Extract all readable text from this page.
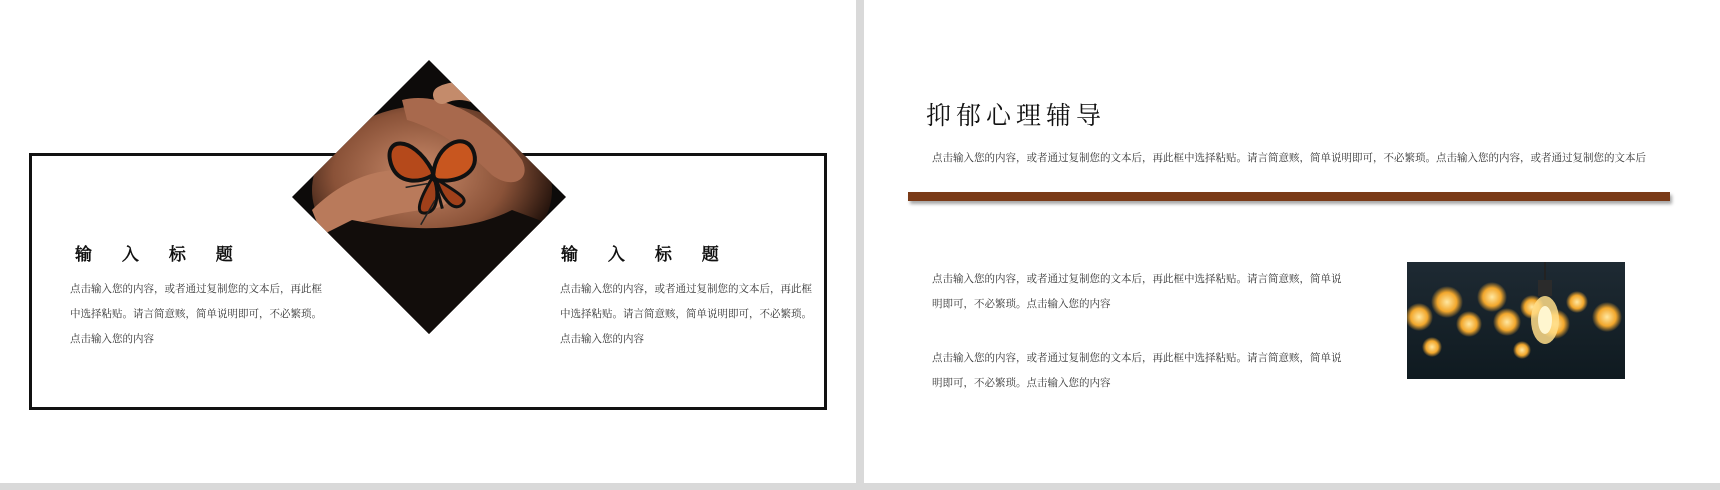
输 入 标 题
点击输入您的内容，或者通过复制您的文本后，再此框中选择粘贴。请言简意赅，简单说明即可，不必繁琐。点击输入您的内容
输 入 标 题
点击输入您的内容，或者通过复制您的文本后，再此框中选择粘贴。请言简意赅，简单说明即可，不必繁琐。点击输入您的内容
抑郁心理辅导
点击输入您的内容，或者通过复制您的文本后，再此框中选择粘贴。请言简意赅，简单说明即可，不必繁琐。点击输入您的内容，或者通过复制您的文本后
点击输入您的内容，或者通过复制您的文本后，再此框中选择粘贴。请言简意赅，简单说明即可，不必繁琐。点击输入您的内容
点击输入您的内容，或者通过复制您的文本后，再此框中选择粘贴。请言简意赅，简单说明即可，不必繁琐。点击输入您的内容
